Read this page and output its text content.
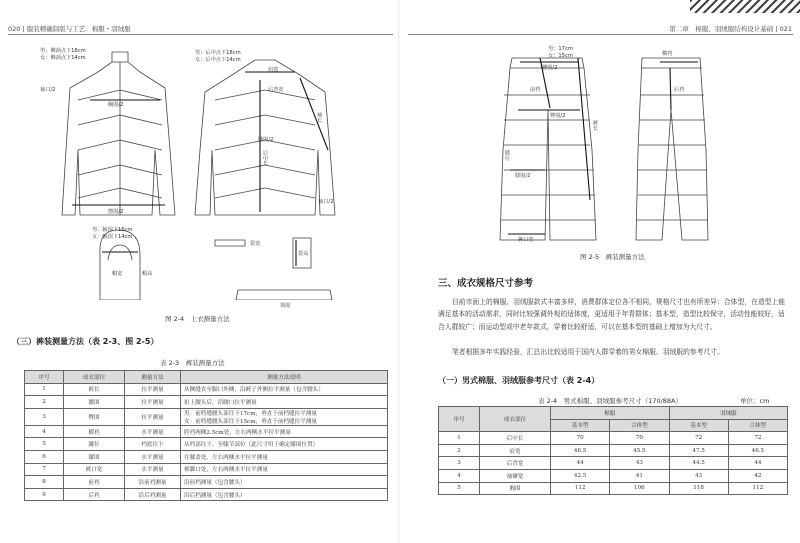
020 | 服装精确制版与工艺：棉服・羽绒服
男：侧颈点下18cm
女：侧颈点下14cm
袖口/2
胸围/2
摆围/2
男：腋围下16cm
女：腋围下14cm
男：后中点下18cm
女：后中点下14cm
肩宽
后背宽
后中长
腰围/2
袖长
袖口/2
帽宽	帽高
袋宽
袋高
领围
图 2-4　上衣测量方法
（三）裤装测量方法（表 2-3、图 2-5）
表 2-3　裤装测量方法
序号	成衣部位	测量方法	测量方法说明
1	裤长	拉平测量	从侧缝直至脚口外侧，沿裤子外侧拉平测量（包含腰头）
2	腰围	拉平测量	扣上腰头后，沿腰口拉平测量
3	臀围	拉平测量	男：前档缝腰头部往下17cm，垂直于前档缝拉平测量
女：前档缝腰头部往下15cm，垂直于前档缝拉平测量
4	横裆	水平测量	胯裆两侧2.5cm处，左右两侧水平拉平测量
5	膝位	档底往下	从档部往下，至膝节部位（此尺寸用于确定膝围位置）
6	膝围	水平测量	在膝盖处，左右两侧水平拉平测量
7	裤口宽	水平测量	裤脚口处，左右两侧水平拉平测量
8	前裆	沿前裆测量	沿前档测量（包含腰头）
9	后裆	沿后裆测量	沿后档测量（包含腰头）
第二章　棉服、羽绒服结构设计基础 | 021
男：17cm
女：15cm
腰围/2
裤长
臀围/2
膝围/2
裤口宽
前裆	后裆
膝位
横裆
图 2-5　裤装测量方法
三、成衣规格尺寸参考
目前市面上的棉服、羽绒服款式丰富多样，消费群体定位各不相同，规格尺寸也有所差异：合体型，在造型上能满足基本的活动需求，同时比较强调外观的适体度，更适用于年青群体；基本型，造型比较保守，活动性能较好，适合人群较广；而运动型或中老年款式，穿着比较舒适，可以在基本型的基础上增加为大尺寸。
笔者根据多年实践经验，汇总出比较适用于国内人群穿着的男女棉服、羽绒服的参考尺寸。
（一）男式棉服、羽绒服参考尺寸（表 2-4）
表 2-4　男式棉服、羽绒服参考尺寸（170/88A）	单位：cm
序号	成衣部位	棉服		羽绒服	
		基本型	合体型	基本型	合体型
1	后中长	70	70	72	72
2	肩宽	46.5	45.5	47.5	46.5
3	后背宽	44	43	44.5	44
4	袖窿宽	42.5	41	43	42
5	胸围	112	106	118	112
